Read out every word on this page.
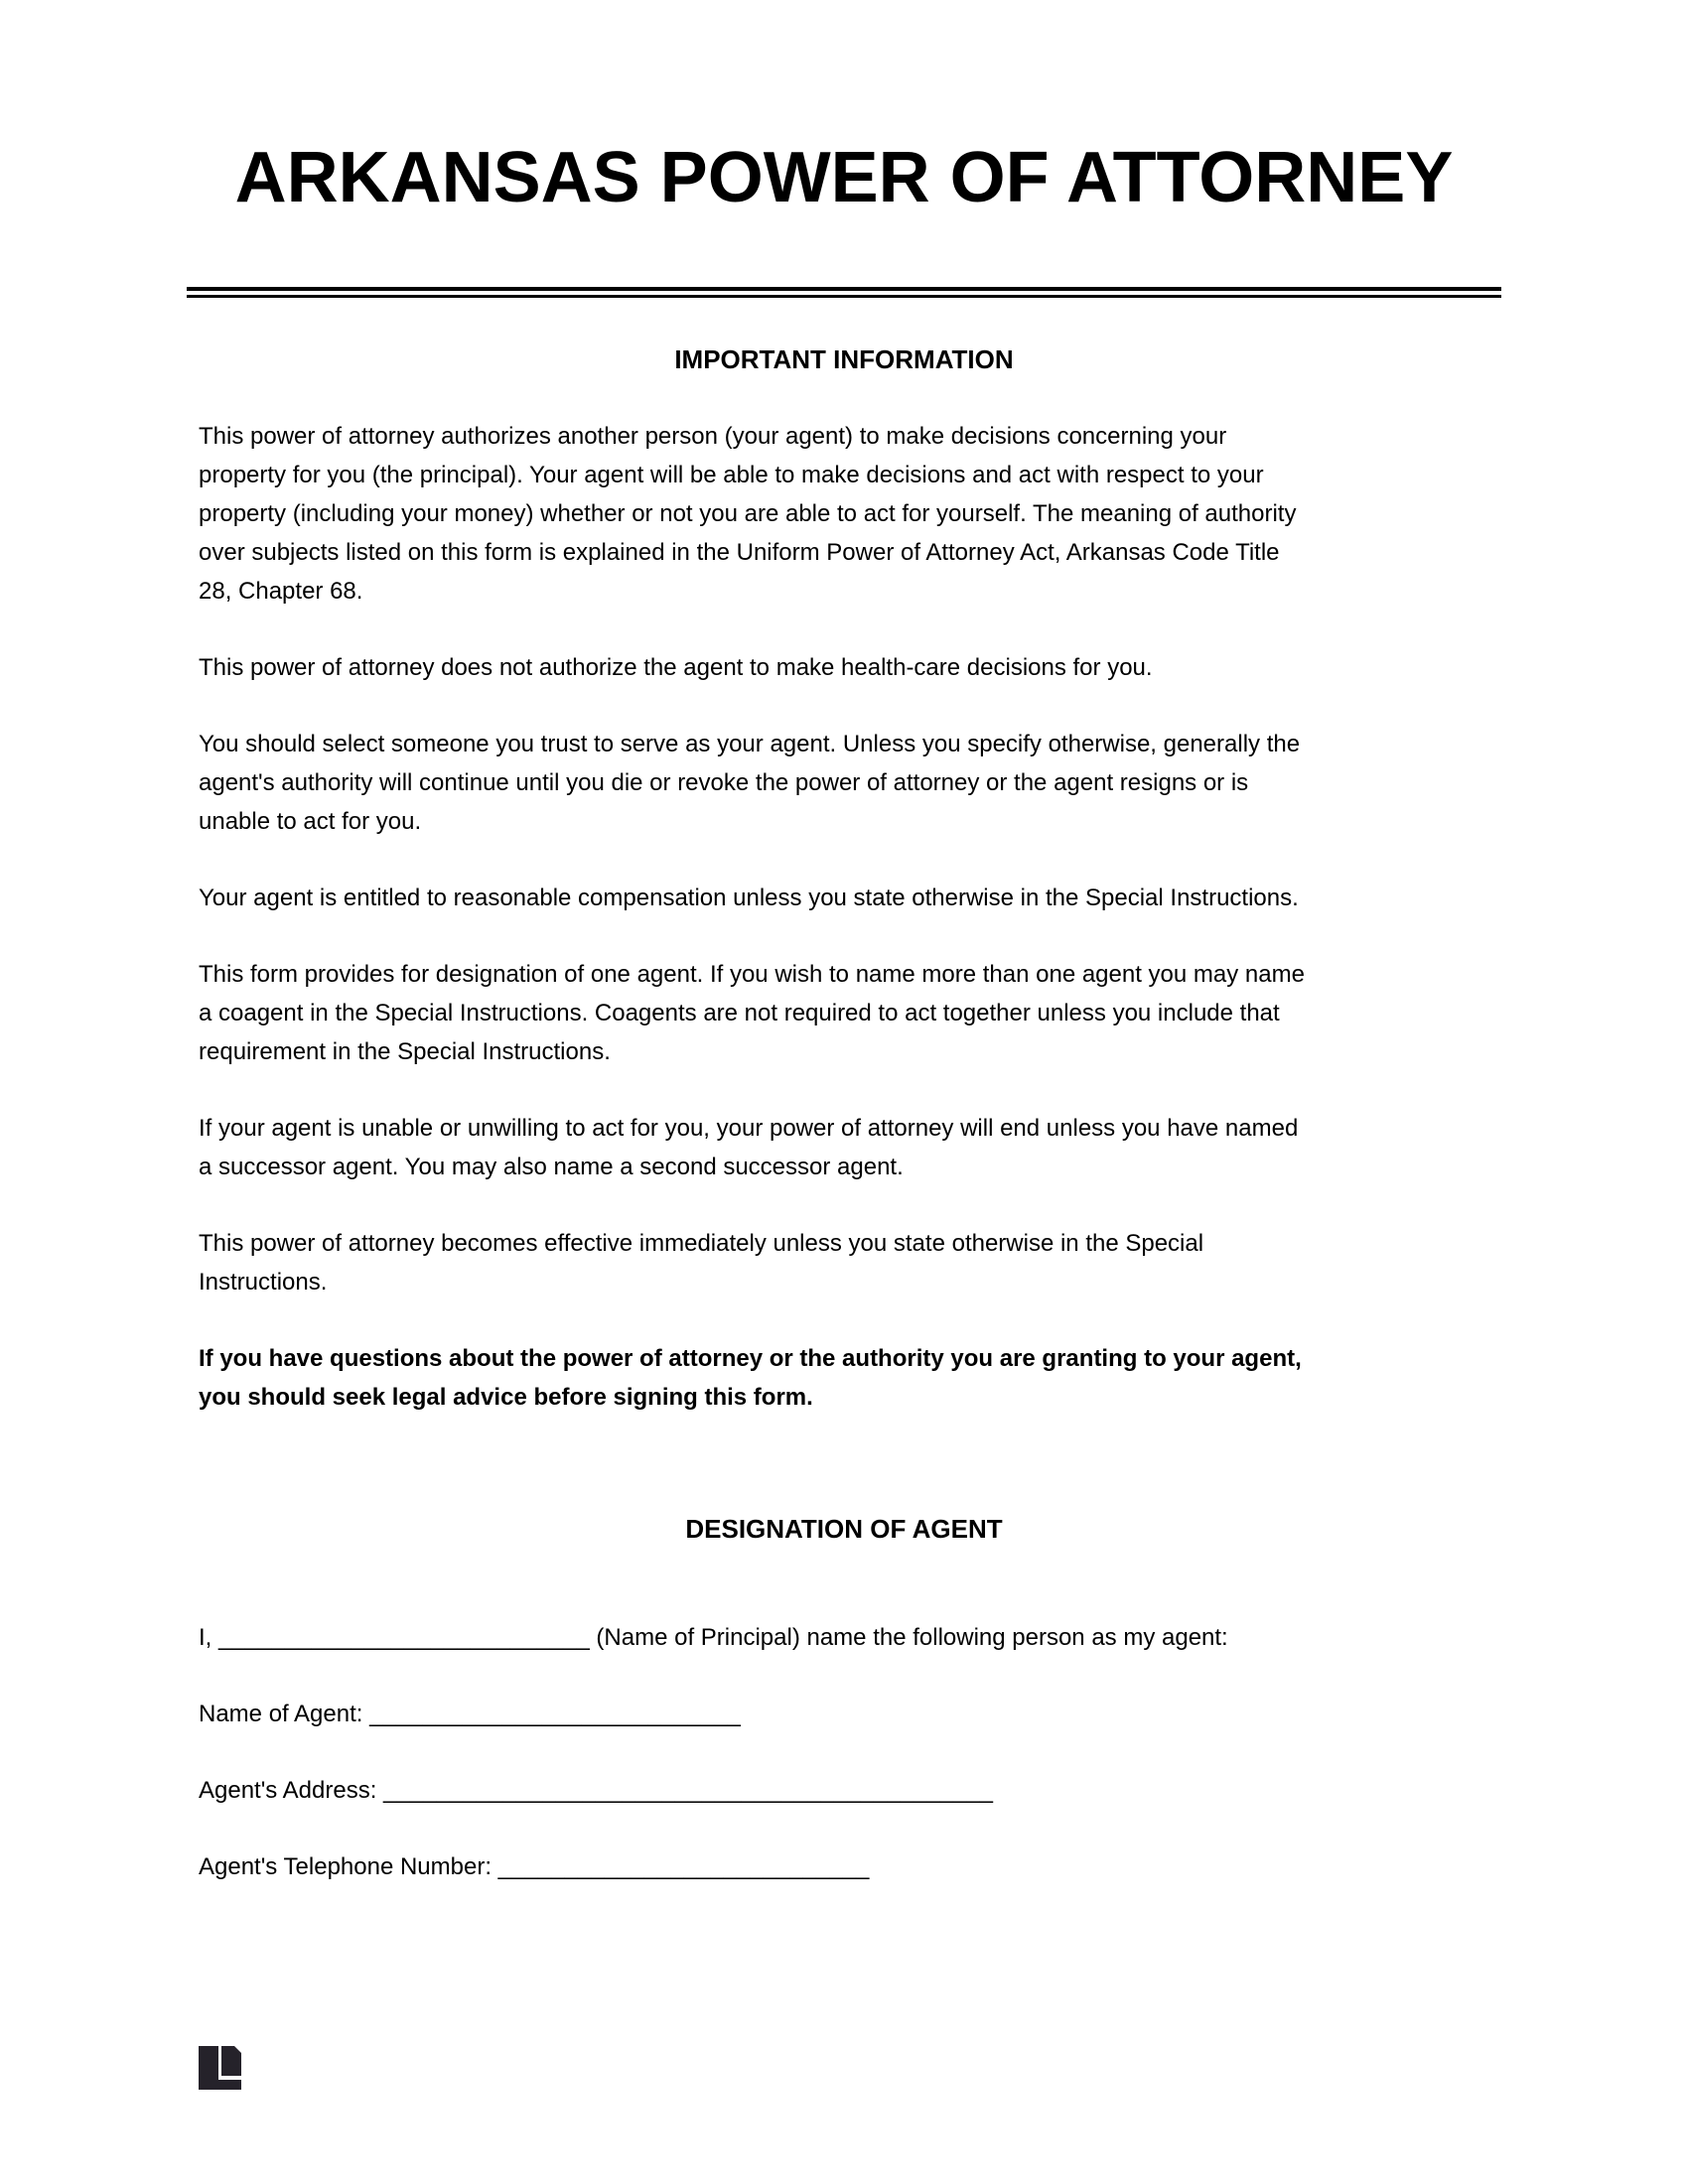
ARKANSAS POWER OF ATTORNEY
IMPORTANT INFORMATION

This power of attorney authorizes another person (your agent) to make decisions concerning your
property for you (the principal). Your agent will be able to make decisions and act with respect to your
property (including your money) whether or not you are able to act for yourself. The meaning of authority
over subjects listed on this form is explained in the Uniform Power of Attorney Act, Arkansas Code Title
28, Chapter 68.

This power of attorney does not authorize the agent to make health-care decisions for you.

You should select someone you trust to serve as your agent. Unless you specify otherwise, generally the
agent's authority will continue until you die or revoke the power of attorney or the agent resigns or is
unable to act for you.

Your agent is entitled to reasonable compensation unless you state otherwise in the Special Instructions.

This form provides for designation of one agent. If you wish to name more than one agent you may name
a coagent in the Special Instructions. Coagents are not required to act together unless you include that
requirement in the Special Instructions.

If your agent is unable or unwilling to act for you, your power of attorney will end unless you have named
a successor agent. You may also name a second successor agent.

This power of attorney becomes effective immediately unless you state otherwise in the Special
Instructions.

If you have questions about the power of attorney or the authority you are granting to your agent,
you should seek legal advice before signing this form.

DESIGNATION OF AGENT

I, ____________________________ (Name of Principal) name the following person as my agent:

Name of Agent: ____________________________

Agent's Address: ______________________________________________

Agent's Telephone Number: ____________________________
